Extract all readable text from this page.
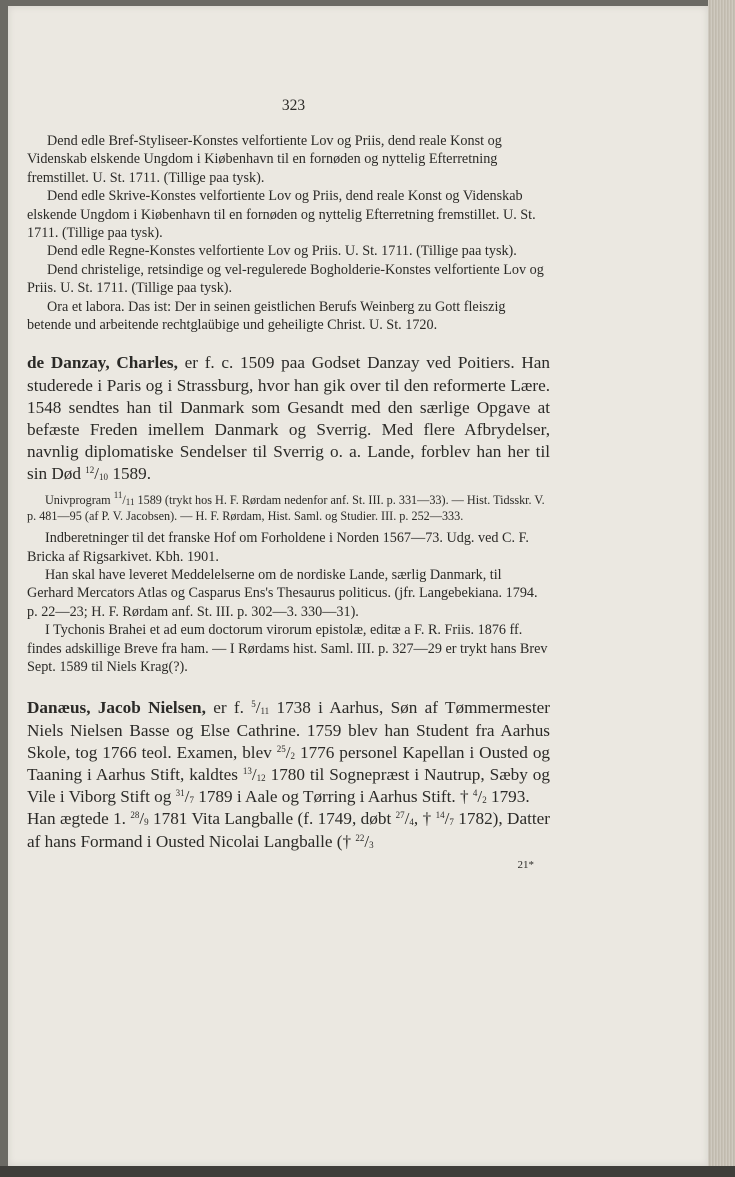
323

Dend edle Bref-Styliseer-Konstes velfortiente Lov og Priis, dend reale Konst og Videnskab elskende Ungdom i Kiøbenhavn til en fornøden og nyttelig Efterretning fremstillet. U. St. 1711. (Tillige paa tysk).

Dend edle Skrive-Konstes velfortiente Lov og Priis, dend reale Konst og Videnskab elskende Ungdom i Kiøbenhavn til en fornøden og nyttelig Efterretning fremstillet. U. St. 1711. (Tillige paa tysk).

Dend edle Regne-Konstes velfortiente Lov og Priis. U. St. 1711. (Tillige paa tysk).

Dend christelige, retsindige og vel-regulerede Bogholderie-Konstes velfortiente Lov og Priis. U. St. 1711. (Tillige paa tysk).

Ora et labora. Das ist: Der in seinen geistlichen Berufs Weinberg zu Gott fleiszig betende und arbeitende rechtglaübige und geheiligte Christ. U. St. 1720.

de Danzay, Charles, er f. c. 1509 paa Godset Danzay ved Poitiers. Han studerede i Paris og i Strassburg, hvor han gik over til den reformerte Lære. 1548 sendtes han til Danmark som Gesandt med den særlige Opgave at befæste Freden imellem Danmark og Sverrig. Med flere Afbrydelser, navnlig diplomatiske Sendelser til Sverrig o. a. Lande, forblev han her til sin Død $^{12}/_{10}$ 1589.

Univprogram $^{11}/_{11}$ 1589 (trykt hos H. F. Rørdam nedenfor anf. St. III. p. 331—33). — Hist. Tidsskr. V. p. 481—95 (af P. V. Jacobsen). — H. F. Rørdam, Hist. Saml. og Studier. III. p. 252—333.

Indberetninger til det franske Hof om Forholdene i Norden 1567—73. Udg. ved C. F. Bricka af Rigsarkivet. Kbh. 1901.

Han skal have leveret Meddelelserne om de nordiske Lande, særlig Danmark, til Gerhard Mercators Atlas og Casparus Ens's Thesaurus politicus. (jfr. Langebekiana. 1794. p. 22—23; H. F. Rørdam anf. St. III. p. 302—3. 330—31).

I Tychonis Brahei et ad eum doctorum virorum epistolæ, editæ a F. R. Friis. 1876 ff. findes adskillige Breve fra ham. — I Rørdams hist. Saml. III. p. 327—29 er trykt hans Brev Sept. 1589 til Niels Krag(?).

Danæus, Jacob Nielsen, er f. $^5/_{11}$ 1738 i Aarhus, Søn af Tømmermester Niels Nielsen Basse og Else Cathrine. 1759 blev han Student fra Aarhus Skole, tog 1766 teol. Examen, blev $^{25}/_2$ 1776 personel Kapellan i Ousted og Taaning i Aarhus Stift, kaldtes $^{13}/_{12}$ 1780 til Sognepræst i Nautrup, Sæby og Vile i Viborg Stift og $^{31}/_7$ 1789 i Aale og Tørring i Aarhus Stift. † $^4/_2$ 1793.

Han ægtede 1. $^{28}/_9$ 1781 Vita Langballe (f. 1749, døbt $^{27}/_4$, † $^{14}/_7$ 1782), Datter af hans Formand i Ousted Nicolai Langballe († $^{22}/_3$

21*
